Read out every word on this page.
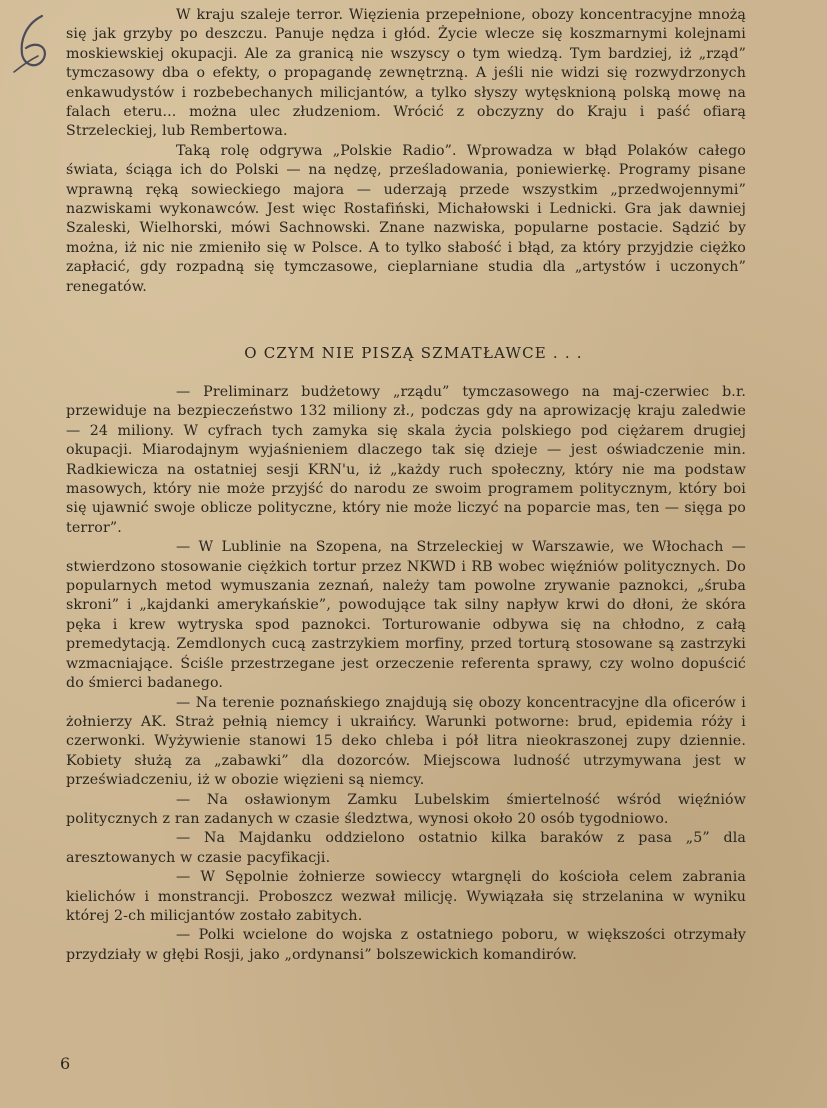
W kraju szaleje terror. Więzienia przepełnione, obozy koncentracyjne mnożą się jak grzyby po deszczu. Panuje nędza i głód. Życie wlecze się koszmarnymi kolejnami moskiewskiej okupacji. Ale za granicą nie wszyscy o tym wiedzą. Tym bardziej, iż „rząd” tymczasowy dba o efekty, o propagandę zewnętrzną. A jeśli nie widzi się rozwydrzonych enkawudystów i rozbebechanych milicjantów, a tylko słyszy wytęsknioną polską mowę na falach eteru... można ulec złudzeniom. Wrócić z obczyzny do Kraju i paść ofiarą Strzeleckiej, lub Rembertowa.

Taką rolę odgrywa „Polskie Radio”. Wprowadza w błąd Polaków całego świata, ściąga ich do Polski — na nędzę, prześladowania, poniewierkę. Programy pisane wprawną ręką sowieckiego majora — uderzają przede wszystkim „przedwojennymi” nazwiskami wykonawców. Jest więc Rostafiński, Michałowski i Lednicki. Gra jak dawniej Szaleski, Wielhorski, mówi Sachnowski. Znane nazwiska, popularne postacie. Sądzić by można, iż nic nie zmieniło się w Polsce. A to tylko słabość i błąd, za który przyjdzie ciężko zapłacić, gdy rozpadną się tymczasowe, cieplarniane studia dla „artystów i uczonych” renegatów.

O CZYM NIE PISZĄ SZMATŁAWCE . . .

— Preliminarz budżetowy „rządu” tymczasowego na maj-czerwiec b.r. przewiduje na bezpieczeństwo 132 miliony zł., podczas gdy na aprowizację kraju zaledwie — 24 miliony. W cyfrach tych zamyka się skala życia polskiego pod ciężarem drugiej okupacji. Miarodajnym wyjaśnieniem dlaczego tak się dzieje — jest oświadczenie min. Radkiewicza na ostatniej sesji KRN'u, iż „każdy ruch społeczny, który nie ma podstaw masowych, który nie może przyjść do narodu ze swoim programem politycznym, który boi się ujawnić swoje oblicze polityczne, który nie może liczyć na poparcie mas, ten — sięga po terror”.

— W Lublinie na Szopena, na Strzeleckiej w Warszawie, we Włochach — stwierdzono stosowanie ciężkich tortur przez NKWD i RB wobec więźniów politycznych. Do popularnych metod wymuszania zeznań, należy tam powolne zrywanie paznokci, „śruba skroni” i „kajdanki amerykańskie”, powodujące tak silny napływ krwi do dłoni, że skóra pęka i krew wytryska spod paznokci. Torturowanie odbywa się na chłodno, z całą premedytacją. Zemdlonych cucą zastrzykiem morfiny, przed torturą stosowane są zastrzyki wzmacniające. Ściśle przestrzegane jest orzeczenie referenta sprawy, czy wolno dopuścić do śmierci badanego.

— Na terenie poznańskiego znajdują się obozy koncentracyjne dla oficerów i żołnierzy AK. Straż pełnią niemcy i ukraińcy. Warunki potworne: brud, epidemia róży i czerwonki. Wyżywienie stanowi 15 deko chleba i pół litra nieokraszonej zupy dziennie. Kobiety służą za „zabawki” dla dozorców. Miejscowa ludność utrzymywana jest w przeświadczeniu, iż w obozie więzieni są niemcy.

— Na osławionym Zamku Lubelskim śmiertelność wśród więźniów politycznych z ran zadanych w czasie śledztwa, wynosi około 20 osób tygodniowo.

— Na Majdanku oddzielono ostatnio kilka baraków z pasa „5” dla aresztowanych w czasie pacyfikacji.

— W Sępolnie żołnierze sowieccy wtargnęli do kościoła celem zabrania kielichów i monstrancji. Proboszcz wezwał milicję. Wywiązała się strzelanina w wyniku której 2-ch milicjantów zostało zabitych.

— Polki wcielone do wojska z ostatniego poboru, w większości otrzymały przydziały w głębi Rosji, jako „ordynansi” bolszewickich komandirów.

6
